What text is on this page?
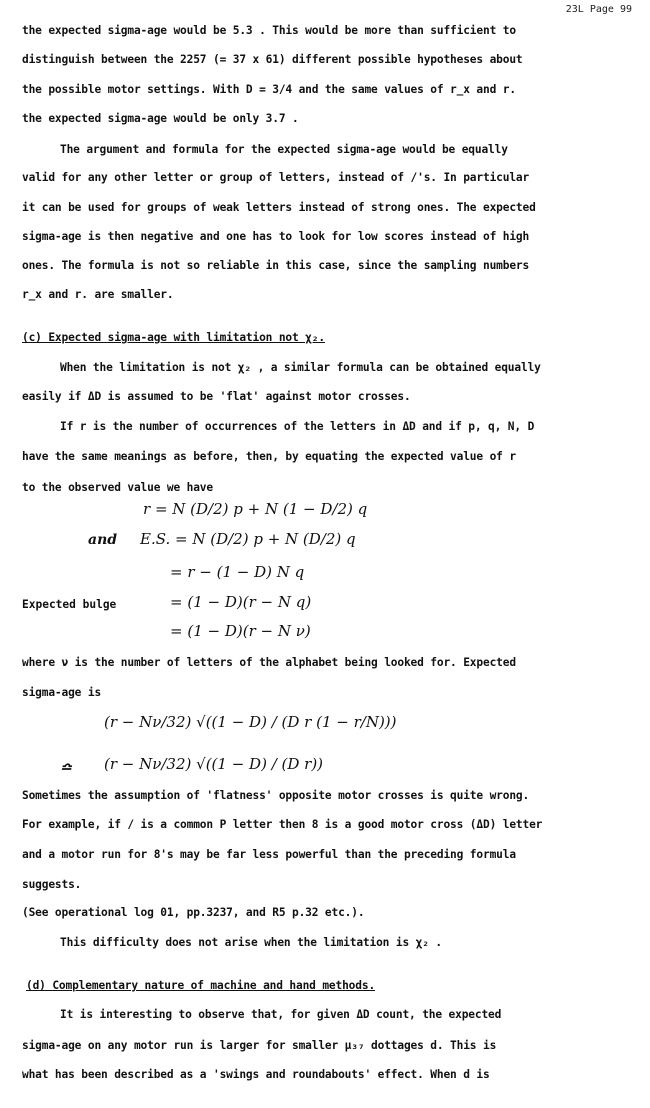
23L Page 99
the expected sigma-age would be 5.3 . This would be more than sufficient to
distinguish between the 2257 (= 37 x 61) different possible hypotheses about
the possible motor settings. With D = 3/4 and the same values of r_x and r.
the expected sigma-age would be only 3.7 .
The argument and formula for the expected sigma-age would be equally
valid for any other letter or group of letters, instead of /'s. In particular
it can be used for groups of weak letters instead of strong ones. The expected
sigma-age is then negative and one has to look for low scores instead of high
ones. The formula is not so reliable in this case, since the sampling numbers
r_x and r. are smaller.
(c) Expected sigma-age with limitation not χ₂.
When the limitation is not χ₂ , a similar formula can be obtained equally
easily if ΔD is assumed to be 'flat' against motor crosses.
If r is the number of occurrences of the letters in ΔD and if p, q, N, D
have the same meanings as before, then, by equating the expected value of r
to the observed value we have
r = N (D/2) p + N (1 − D/2) q
and E.S. = N (D/2) p + N (D/2) q
= r − (1 − D) N q
Expected bulge	= (1 − D)(r − N q)
= (1 − D)(r − N ν)
where ν is the number of letters of the alphabet being looked for. Expected
sigma-age is
(r − Nν/32) √((1 − D) / (D r (1 − r/N)))
≏ (r − Nν/32) √((1 − D) / (D r))
Sometimes the assumption of 'flatness' opposite motor crosses is quite wrong.
For example, if / is a common P letter then 8 is a good motor cross (ΔD) letter
and a motor run for 8's may be far less powerful than the preceding formula
suggests.
(See operational log 01, pp.3237, and R5 p.32 etc.).
This difficulty does not arise when the limitation is χ₂ .
(d) Complementary nature of machine and hand methods.
It is interesting to observe that, for given ΔD count, the expected
sigma-age on any motor run is larger for smaller μ₃₇ dottages d. This is
what has been described as a 'swings and roundabouts' effect. When d is
